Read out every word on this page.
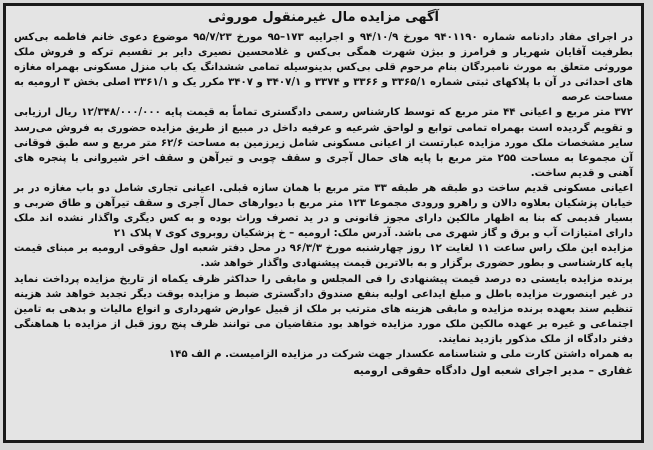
آگهی مزایده مال غیرمنقول موروثی

در اجرای مفاد دادنامه شماره ۹۴۰۱۱۹۰ مورخ ۹۴/۱۰/۹ و اجراییه ۱۷۳–۹۵ مورخ ۹۵/۷/۲۳ موضوع دعوی خانم فاطمه بی‌کس بطرفیت آقایان شهریار و فرامرز و بیژن شهرت همگی بی‌کس و غلامحسین نصیری دایر بر تقسیم ترکه و فروش ملک موروثی متعلق به مورث نامبردگان بنام مرحوم قلی بی‌کس بدینوسیله تمامی ششدانگ یک باب منزل مسکونی بهمراه مغازه های احداثی در آن با پلاکهای ثبتی شماره ۳۳۶۵/۱ و ۳۳۶۶ و ۳۳۷۴ و ۳۴۰۷/۱ و ۳۴۰۷ مکرر یک و ۳۳۶۱/۱ اصلی بخش ۳ ارومیه به مساحت عرصه

۳۷۲ متر مربع و اعیانی ۴۴ متر مربع که توسط کارشناس رسمی دادگستری تماماً به قیمت پایه ۱۲/۳۴۸/۰۰۰/۰۰۰ ریال ارزیابی و تقویم گردیده است بهمراه تمامی توابع و لواحق شرعیه و عرفیه داخل در مبیع از طریق مزایده حضوری به فروش می‌رسد سایر مشخصات ملک مورد مزایده عبارتست از اعیانی مسکونی شامل زیرزمین به مساحت ۶۲/۶ متر مربع و سه طبق فوقانی آن مجموعا به مساحت ۲۵۵ متر مربع با پایه های حمال آجری و سقف چوبی و تیرآهن و سقف اخر شیروانی با پنجره های آهنی و قدیم ساخت.

اعیانی مسکونی قدیم ساخت دو طبقه هر طبقه ۳۳ متر مربع با همان سازه قبلی. اعیانی تجاری شامل دو باب مغازه در بر خیابان پزشکیان بعلاوه دالان و راهرو ورودی مجموعا ۱۲۳ متر مربع با دیوارهای حمال آجری و سقف تیرآهن و طاق ضربی و بسیار قدیمی که بنا به اظهار مالکین دارای مجوز قانونی و در ید تصرف وراث بوده و به کس دیگری واگذار نشده اند ملک دارای امتیازات آب و برق و گاز شهری می باشد. آدرس ملک: ارومیه – خ پزشکیان روبروی کوی ۷ پلاک ۲۱

مزایده این ملک راس ساعت ۱۱ لغایت ۱۲ روز چهارشنبه مورخ ۹۶/۳/۳ در محل دفتر شعبه اول حقوقی ارومیه بر مبنای قیمت پایه کارشناسی و بطور حضوری برگزار و به بالاترین قیمت پیشنهادی واگذار خواهد شد.

برنده مزایده بایستی ده درصد قیمت پیشنهادی را فی المجلس و مابقی را حداکثر ظرف یکماه از تاریخ مزایده پرداخت نماید در غیر اینصورت مزایده باطل و مبلغ ایداعی اولیه بنفع صندوق دادگستری ضبط و مزایده بوقت دیگر تجدید خواهد شد هزینه تنظیم سند بعهده برنده مزایده و مابقی هزینه های مترتب بر ملک از قبیل عوارض شهرداری و انواع مالیات و بدهی به تامین اجتماعی و غیره بر عهده مالکین ملک مورد مزایده خواهد بود متقاضیان می توانند ظرف پنج روز قبل از مزایده با هماهنگی دفتر دادگاه از ملک مذکور بازدید نمایند.

به همراه داشتن کارت ملی و شناسنامه عکسدار جهت شرکت در مزایده الزامیست. م الف ۱۴۵

غفاری – مدیر اجرای شعبه اول دادگاه حقوقی ارومیه
